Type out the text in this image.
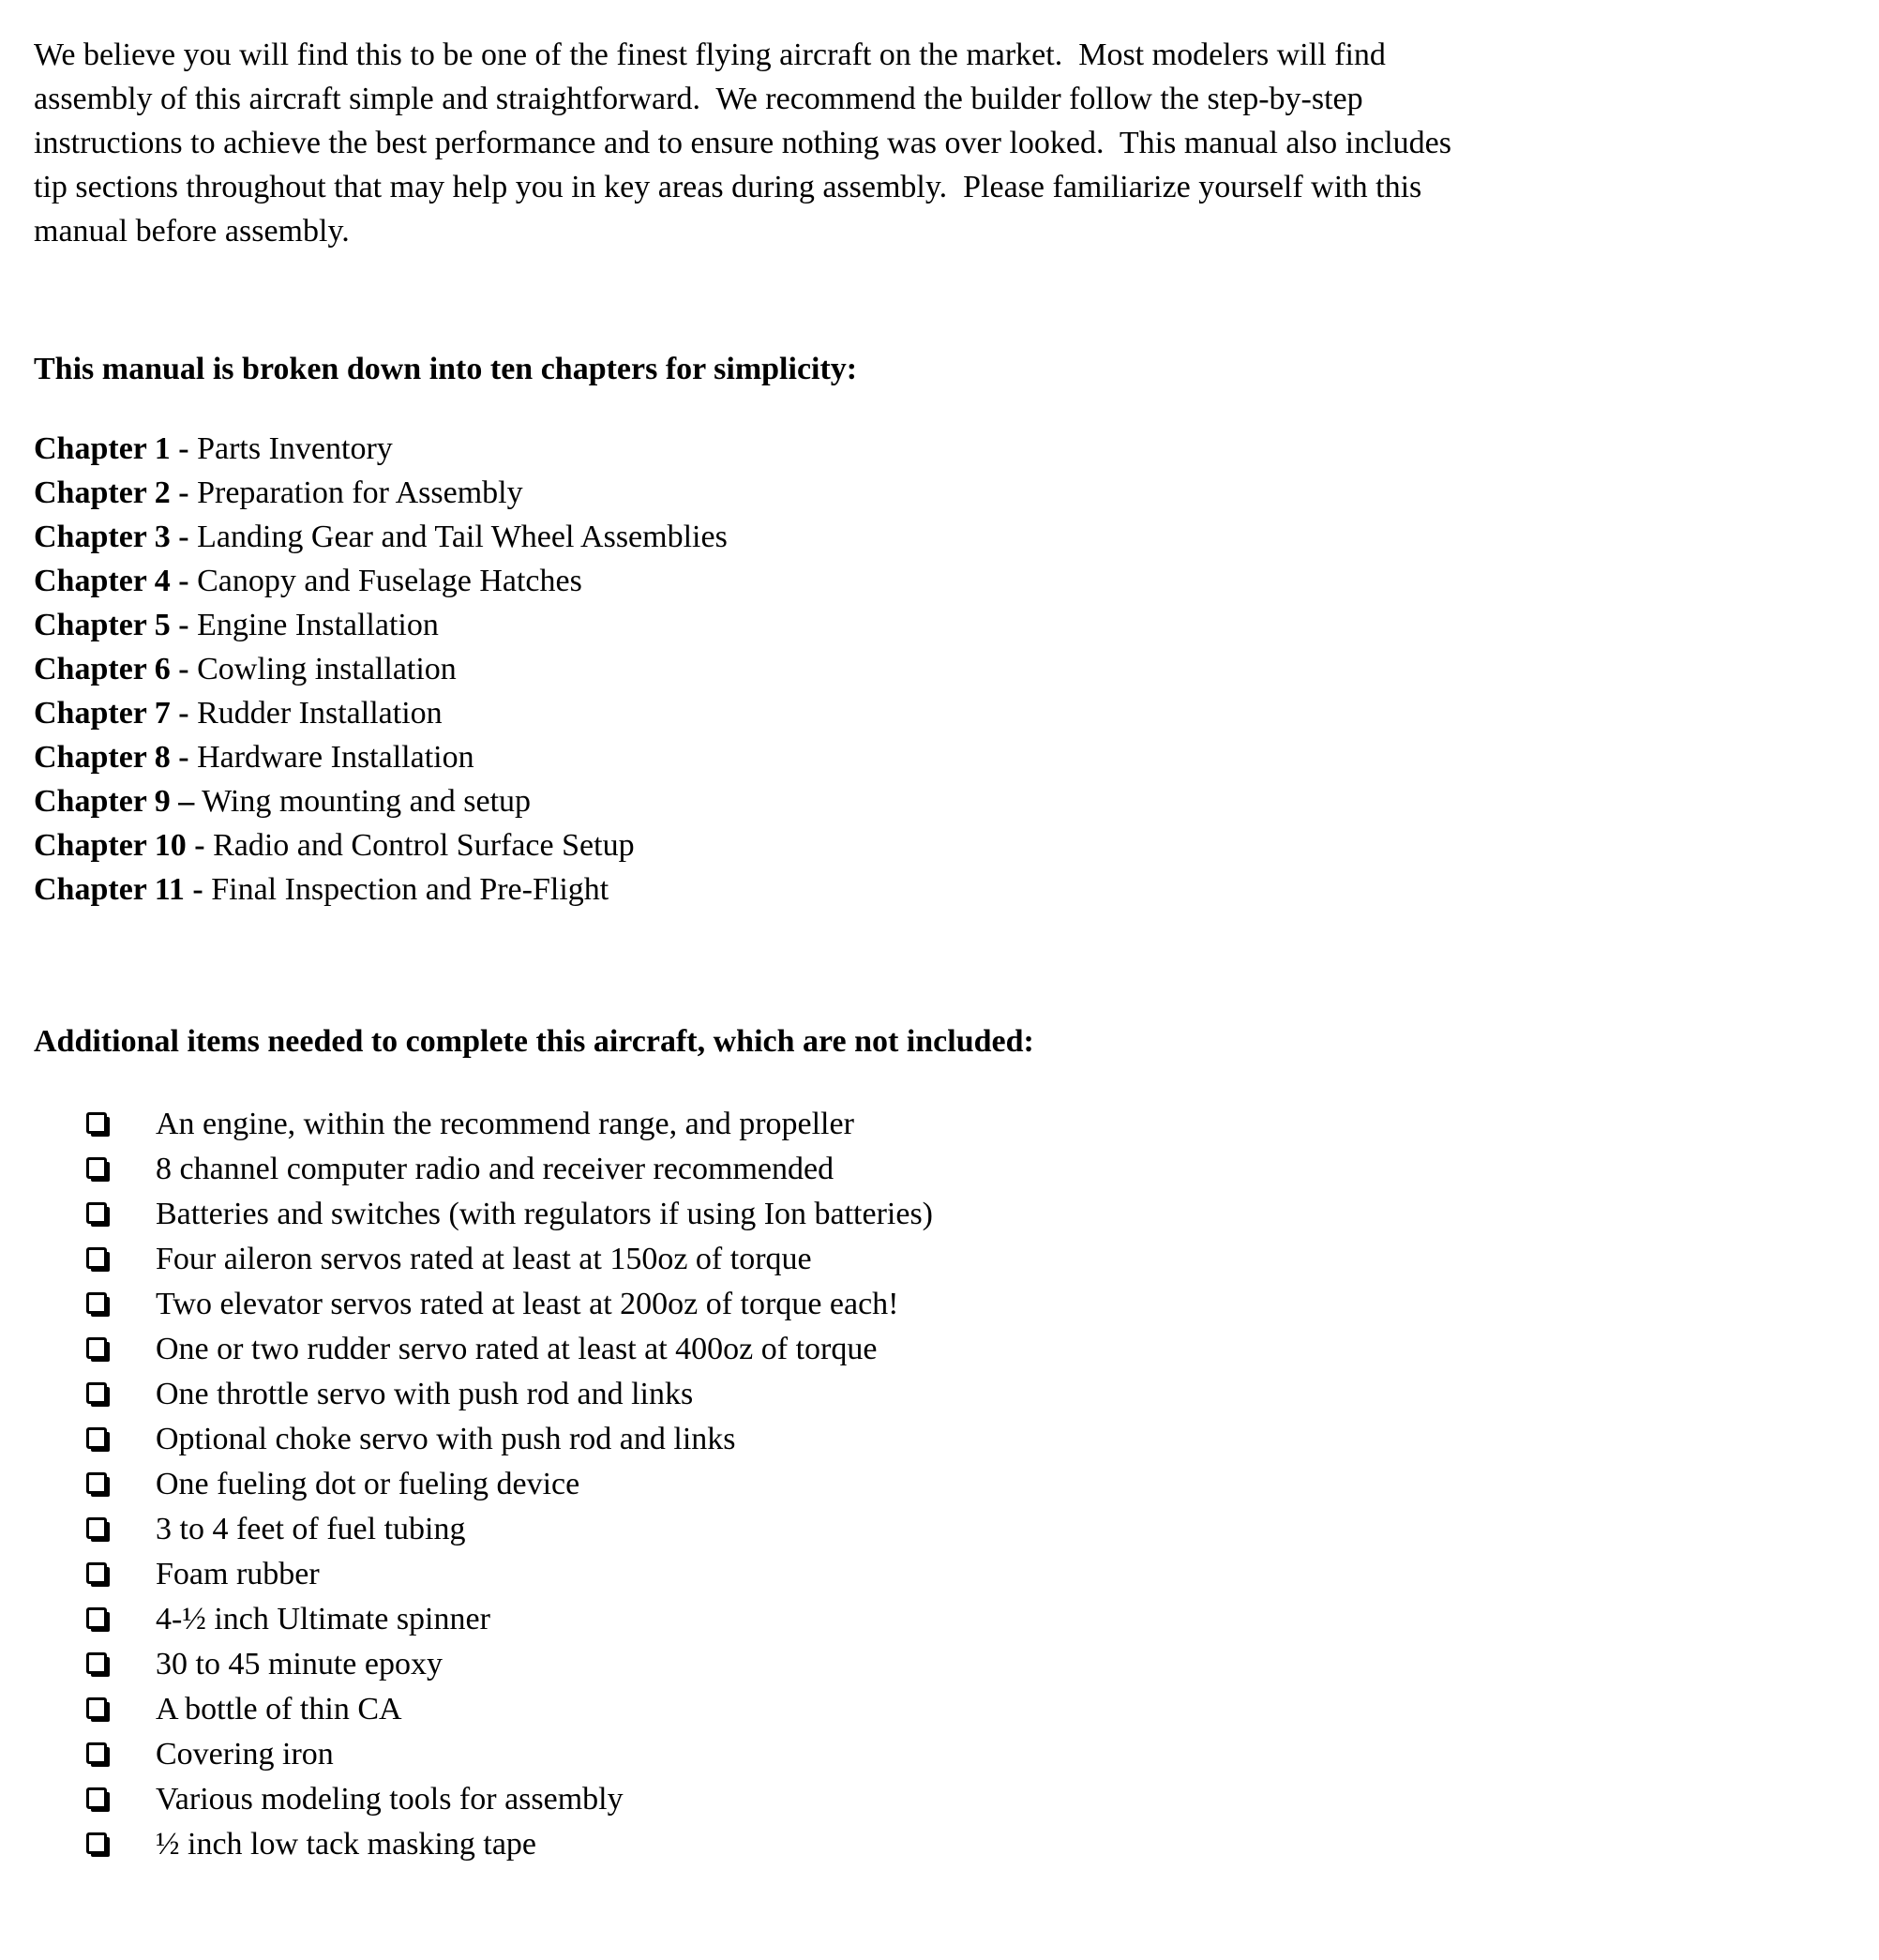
We believe you will find this to be one of the finest flying aircraft on the market.  Most modelers will find
assembly of this aircraft simple and straightforward.  We recommend the builder follow the step-by-step
instructions to achieve the best performance and to ensure nothing was over looked.  This manual also includes
tip sections throughout that may help you in key areas during assembly.  Please familiarize yourself with this
manual before assembly.
This manual is broken down into ten chapters for simplicity:
Chapter 1 - Parts Inventory
Chapter 2 - Preparation for Assembly
Chapter 3 - Landing Gear and Tail Wheel Assemblies
Chapter 4 - Canopy and Fuselage Hatches
Chapter 5 - Engine Installation
Chapter 6 - Cowling installation
Chapter 7 - Rudder Installation
Chapter 8 - Hardware Installation
Chapter 9 – Wing mounting and setup
Chapter 10 - Radio and Control Surface Setup
Chapter 11 - Final Inspection and Pre-Flight
Additional items needed to complete this aircraft, which are not included:
An engine, within the recommend range, and propeller
8 channel computer radio and receiver recommended
Batteries and switches (with regulators if using Ion batteries)
Four aileron servos rated at least at 150oz of torque
Two elevator servos rated at least at 200oz of torque each!
One or two rudder servo rated at least at 400oz of torque
One throttle servo with push rod and links
Optional choke servo with push rod and links
One fueling dot or fueling device
3 to 4 feet of fuel tubing
Foam rubber
4-½ inch Ultimate spinner
30 to 45 minute epoxy
A bottle of thin CA
Covering iron
Various modeling tools for assembly
½ inch low tack masking tape
